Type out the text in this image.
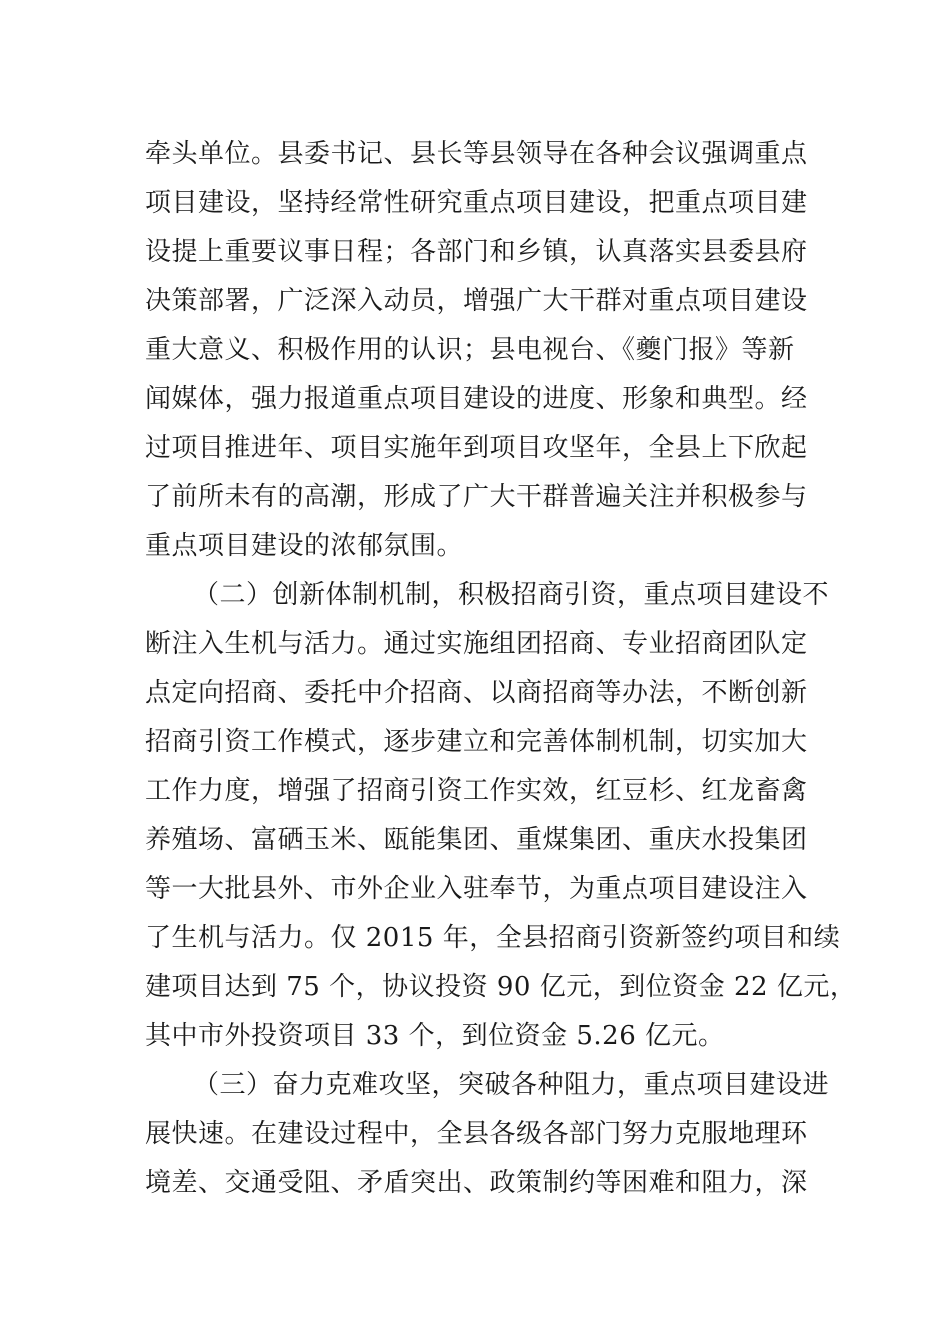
牵头单位。县委书记、县长等县领导在各种会议强调重点
项目建设，坚持经常性研究重点项目建设，把重点项目建
设提上重要议事日程；各部门和乡镇，认真落实县委县府
决策部署，广泛深入动员，增强广大干群对重点项目建设
重大意义、积极作用的认识；县电视台、《夔门报》等新
闻媒体，强力报道重点项目建设的进度、形象和典型。经
过项目推进年、项目实施年到项目攻坚年，全县上下欣起
了前所未有的高潮，形成了广大干群普遍关注并积极参与
重点项目建设的浓郁氛围。
（二）创新体制机制，积极招商引资，重点项目建设不
断注入生机与活力。通过实施组团招商、专业招商团队定
点定向招商、委托中介招商、以商招商等办法，不断创新
招商引资工作模式，逐步建立和完善体制机制，切实加大
工作力度，增强了招商引资工作实效，红豆杉、红龙畜禽
养殖场、富硒玉米、瓯能集团、重煤集团、重庆水投集团
等一大批县外、市外企业入驻奉节，为重点项目建设注入
了生机与活力。仅 2015 年，全县招商引资新签约项目和续
建项目达到 75 个，协议投资 90 亿元，到位资金 22 亿元，
其中市外投资项目 33 个，到位资金 5.26 亿元。
（三）奋力克难攻坚，突破各种阻力，重点项目建设进
展快速。在建设过程中，全县各级各部门努力克服地理环
境差、交通受阻、矛盾突出、政策制约等困难和阻力，深
